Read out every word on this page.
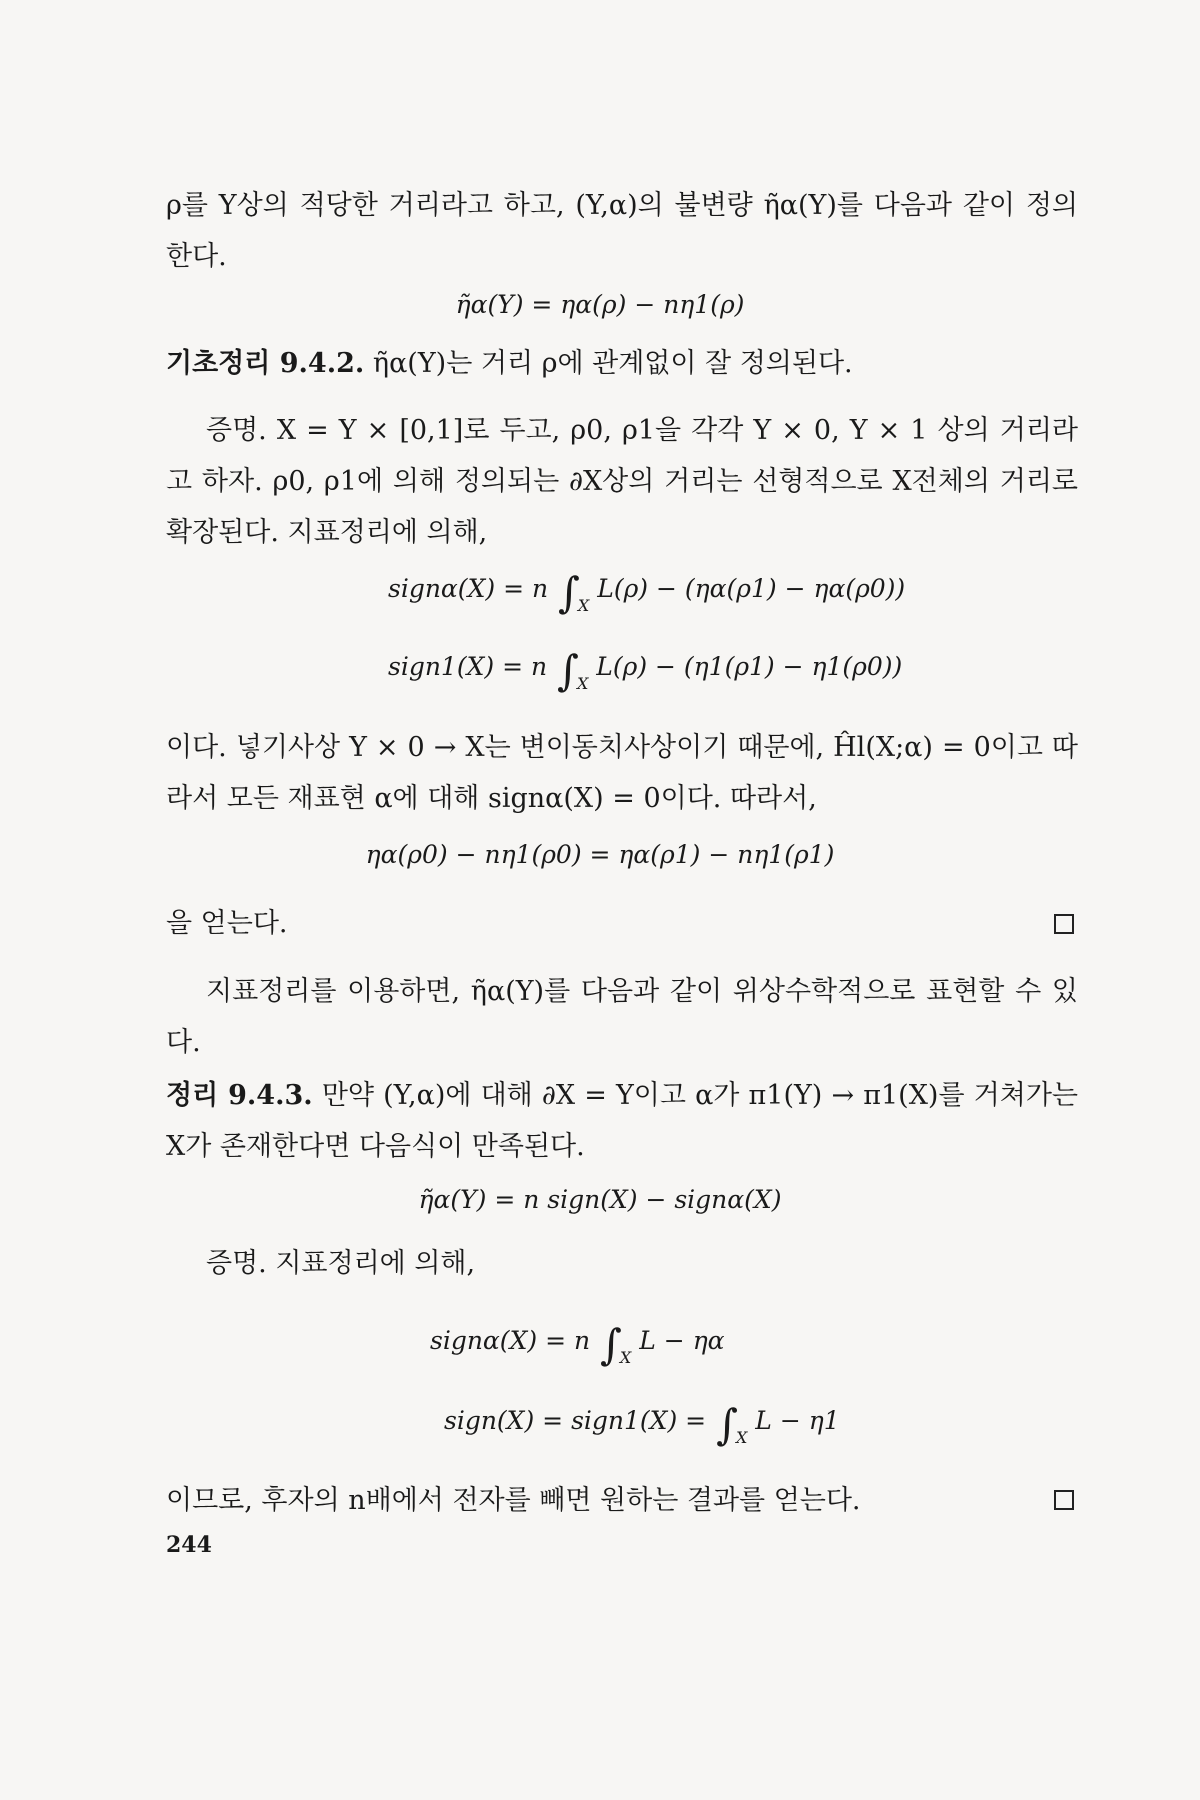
ρ를 Y상의 적당한 거리라고 하고, (Y,α)의 불변량 η̃α(Y)를 다음과 같이 정의한다.

η̃α(Y) = ηα(ρ) − nη1(ρ)

기초정리 9.4.2. η̃α(Y)는 거리 ρ에 관계없이 잘 정의된다.

증명. X = Y × [0,1]로 두고, ρ0, ρ1을 각각 Y × 0, Y × 1 상의 거리라 고 하자. ρ0, ρ1에 의해 정의되는 ∂X상의 거리는 선형적으로 X전체의 거리로 확장된다. 지표정리에 의해,

signα(X) = n $\int_X$ L(ρ) − (ηα(ρ1) − ηα(ρ0))

sign1(X) = n $\int_X$ L(ρ) − (η1(ρ1) − η1(ρ0))

이다. 넣기사상 Y × 0 → X는 변이동치사상이기 때문에, Ĥl(X;α) = 0이고 따라서 모든 재표현 α에 대해 signα(X) = 0이다. 따라서,

ηα(ρ0) − nη1(ρ0) = ηα(ρ1) − nη1(ρ1)

을 얻는다.

지표정리를 이용하면, η̃α(Y)를 다음과 같이 위상수학적으로 표현할 수 있다.

정리 9.4.3. 만약 (Y,α)에 대해 ∂X = Y이고 α가 π1(Y) → π1(X)를 거쳐가는 X가 존재한다면 다음식이 만족된다.

η̃α(Y) = n sign(X) − signα(X)

증명. 지표정리에 의해,

signα(X) = n $\int_X$ L − ηα

sign(X) = sign1(X) = $\int_X$ L − η1

이므로, 후자의 n배에서 전자를 빼면 원하는 결과를 얻는다.

244
